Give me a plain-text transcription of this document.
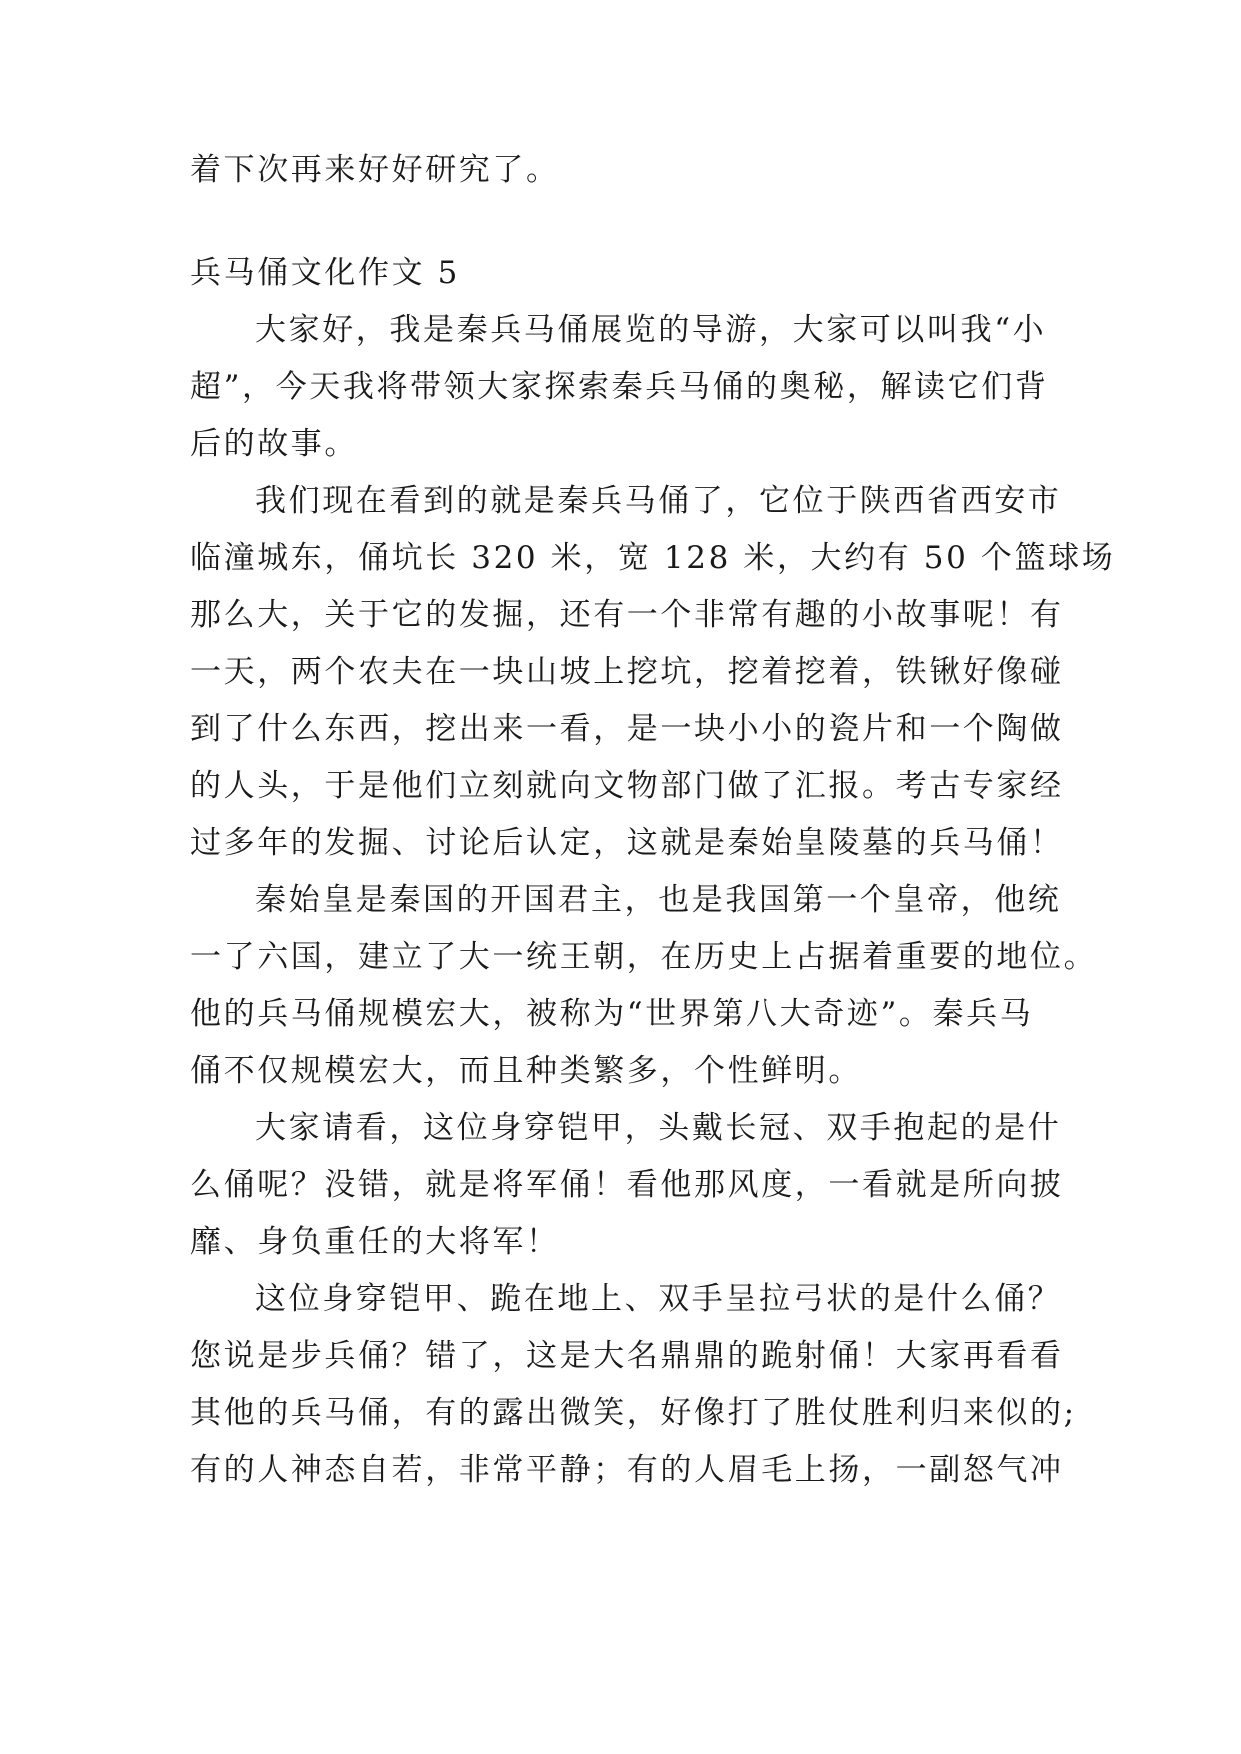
着下次再来好好研究了。
兵马俑文化作文 5
大家好，我是秦兵马俑展览的导游，大家可以叫我“小
超”，今天我将带领大家探索秦兵马俑的奥秘，解读它们背
后的故事。
我们现在看到的就是秦兵马俑了，它位于陕西省西安市
临潼城东，俑坑长 320 米，宽 128 米，大约有 50 个篮球场
那么大，关于它的发掘，还有一个非常有趣的小故事呢！有
一天，两个农夫在一块山坡上挖坑，挖着挖着，铁锹好像碰
到了什么东西，挖出来一看，是一块小小的瓷片和一个陶做
的人头，于是他们立刻就向文物部门做了汇报。考古专家经
过多年的发掘、讨论后认定，这就是秦始皇陵墓的兵马俑！
秦始皇是秦国的开国君主，也是我国第一个皇帝，他统
一了六国，建立了大一统王朝，在历史上占据着重要的地位。
他的兵马俑规模宏大，被称为“世界第八大奇迹”。秦兵马
俑不仅规模宏大，而且种类繁多，个性鲜明。
大家请看，这位身穿铠甲，头戴长冠、双手抱起的是什
么俑呢？没错，就是将军俑！看他那风度，一看就是所向披
靡、身负重任的大将军！
这位身穿铠甲、跪在地上、双手呈拉弓状的是什么俑？
您说是步兵俑？错了，这是大名鼎鼎的跪射俑！大家再看看
其他的兵马俑，有的露出微笑，好像打了胜仗胜利归来似的;
有的人神态自若，非常平静；有的人眉毛上扬，一副怒气冲
